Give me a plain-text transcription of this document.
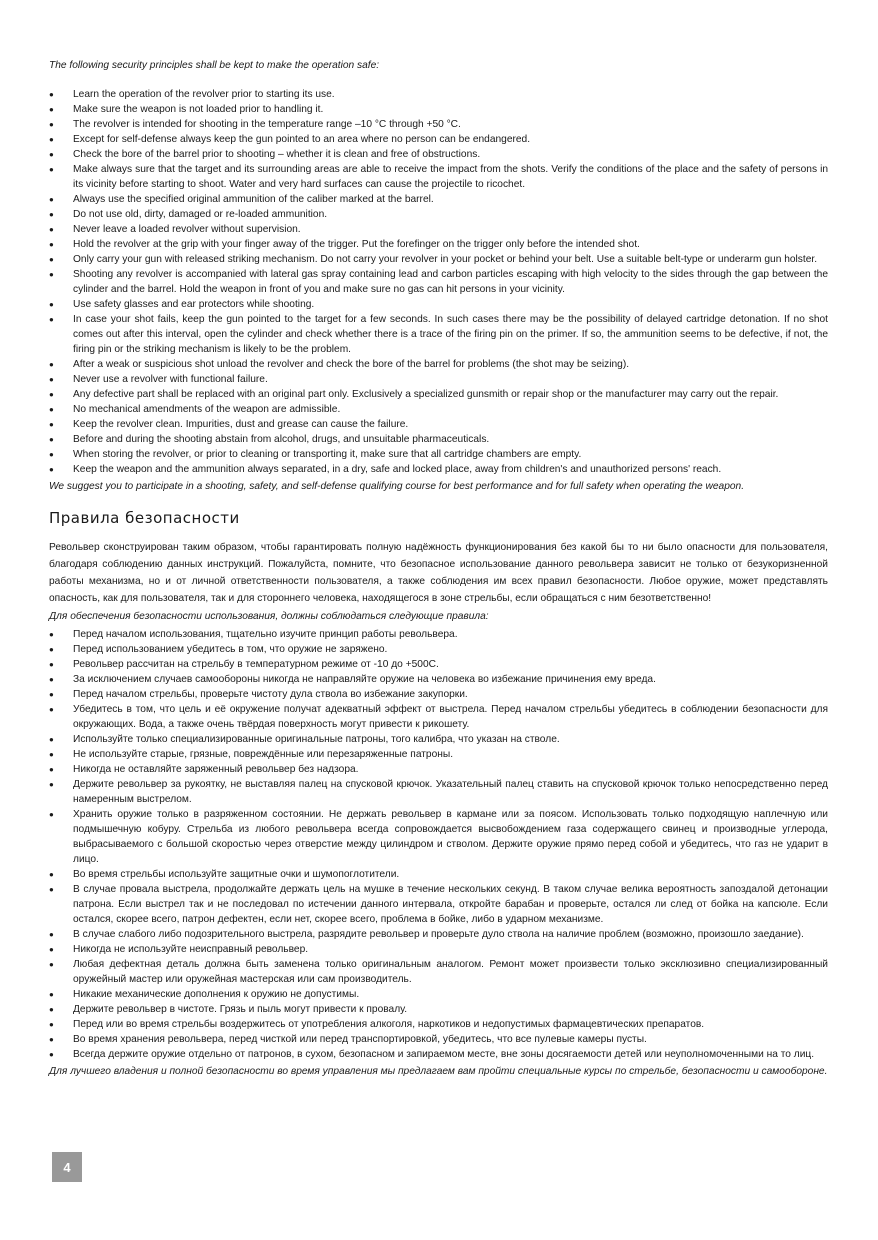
The following security principles shall be kept to make the operation safe:

● Learn the operation of the revolver prior to starting its use.
● Make sure the weapon is not loaded prior to handling it.
● The revolver is intended for shooting in the temperature range –10 °C through +50 °C.
● Except for self-defense always keep the gun pointed to an area where no person can be endangered.
● Check the bore of the barrel prior to shooting – whether it is clean and free of obstructions.
● Make always sure that the target and its surrounding areas are able to receive the impact from the shots. Verify the conditions of the place and the safety of persons in its vicinity before starting to shoot. Water and very hard surfaces can cause the projectile to ricochet.
● Always use the specified original ammunition of the caliber marked at the barrel.
● Do not use old, dirty, damaged or re-loaded ammunition.
● Never leave a loaded revolver without supervision.
● Hold the revolver at the grip with your finger away of the trigger. Put the forefinger on the trigger only before the intended shot.
● Only carry your gun with released striking mechanism. Do not carry your revolver in your pocket or behind your belt. Use a suitable belt-type or underarm gun holster.
● Shooting any revolver is accompanied with lateral gas spray containing lead and carbon particles escaping with high velocity to the sides through the gap between the cylinder and the barrel. Hold the weapon in front of you and make sure no gas can hit persons in your vicinity.
● Use safety glasses and ear protectors while shooting.
● In case your shot fails, keep the gun pointed to the target for a few seconds. In such cases there may be the possibility of delayed cartridge detonation. If no shot comes out after this interval, open the cylinder and check whether there is a trace of the firing pin on the primer. If so, the ammunition seems to be defective, if not, the firing pin or the striking mechanism is likely to be the problem.
● After a weak or suspicious shot unload the revolver and check the bore of the barrel for problems (the shot may be seizing).
● Never use a revolver with functional failure.
● Any defective part shall be replaced with an original part only. Exclusively a specialized gunsmith or repair shop or the manufacturer may carry out the repair.
● No mechanical amendments of the weapon are admissible.
● Keep the revolver clean. Impurities, dust and grease can cause the failure.
● Before and during the shooting abstain from alcohol, drugs, and unsuitable pharmaceuticals.
● When storing the revolver, or prior to cleaning or transporting it, make sure that all cartridge chambers are empty.
● Keep the weapon and the ammunition always separated, in a dry, safe and locked place, away from children's and unauthorized persons' reach.

We suggest you to participate in a shooting, safety, and self-defense qualifying course for best performance and for full safety when operating the weapon.

Правила безопасности

Револьвер сконструирован таким образом, чтобы гарантировать полную надёжность функционирования без какой бы то ни было опасности для пользователя, благодаря соблюдению данных инструкций. Пожалуйста, помните, что безопасное использование данного револьвера зависит не только от безукоризненной работы механизма, но и от личной ответственности пользователя, а также соблюдения им всех правил безопасности. Любое оружие, может представлять опасность, как для пользователя, так и для стороннего человека, находящегося в зоне стрельбы, если обращаться с ним безответственно!

Для обеспечения безопасности использования, должны соблюдаться следующие правила:

● Перед началом использования, тщательно изучите принцип работы револьвера.
● Перед использованием убедитесь в том, что оружие не заряжено.
● Револьвер рассчитан на стрельбу в температурном режиме от -10 до +500С.
● За исключением случаев самообороны никогда не направляйте оружие на человека во избежание причинения ему вреда.
● Перед началом стрельбы, проверьте чистоту дула ствола во избежание закупорки.
● Убедитесь в том, что цель и её окружение получат адекватный эффект от выстрела. Перед началом стрельбы убедитесь в соблюдении безопасности для окружающих. Вода, а также очень твёрдая поверхность могут привести к рикошету.
● Используйте только специализированные оригинальные патроны, того калибра, что указан на стволе.
● Не используйте старые, грязные, повреждённые или перезаряженные патроны.
● Никогда не оставляйте заряженный револьвер без надзора.
● Держите револьвер за рукоятку, не выставляя палец на спусковой крючок. Указательный палец ставить на спусковой крючок только непосредственно перед намеренным выстрелом.
● Хранить оружие только в разряженном состоянии. Не держать револьвер в кармане или за поясом. Использовать только подходящую наплечную или подмышечную кобуру. Стрельба из любого револьвера всегда сопровождается высвобождением газа содержащего свинец и производные углерода, выбрасываемого с большой скоростью через отверстие между цилиндром и стволом. Держите оружие прямо перед собой и убедитесь, что газ не ударит в лицо.
● Во время стрельбы используйте защитные очки и шумопоглотители.
● В случае провала выстрела, продолжайте держать цель на мушке в течение нескольких секунд. В таком случае велика вероятность запоздалой детонации патрона. Если выстрел так и не последовал по истечении данного интервала, откройте барабан и проверьте, остался ли след от бойка на капсюле. Если остался, скорее всего, патрон дефектен, если нет, скорее всего, проблема в бойке, либо в ударном механизме.
● В случае слабого либо подозрительного выстрела, разрядите револьвер и проверьте дуло ствола на наличие проблем (возможно, произошло заедание).
● Никогда не используйте неисправный револьвер.
● Любая дефектная деталь должна быть заменена только оригинальным аналогом. Ремонт может произвести только эксклюзивно специализированный оружейный мастер или оружейная мастерская или сам производитель.
● Никакие механические дополнения к оружию не допустимы.
● Держите револьвер в чистоте. Грязь и пыль могут привести к провалу.
● Перед или во время стрельбы воздержитесь от употребления алкоголя, наркотиков и недопустимых фармацевтических препаратов.
● Во время хранения револьвера, перед чисткой или перед транспортировкой, убедитесь, что все пулевые камеры пусты.
● Всегда держите оружие отдельно от патронов, в сухом, безопасном и запираемом месте, вне зоны досягаемости детей или неуполномоченными на то лиц.

Для лучшего владения и полной безопасности во время управления мы предлагаем вам пройти специальные курсы по стрельбе, безопасности и самообороне.

4
